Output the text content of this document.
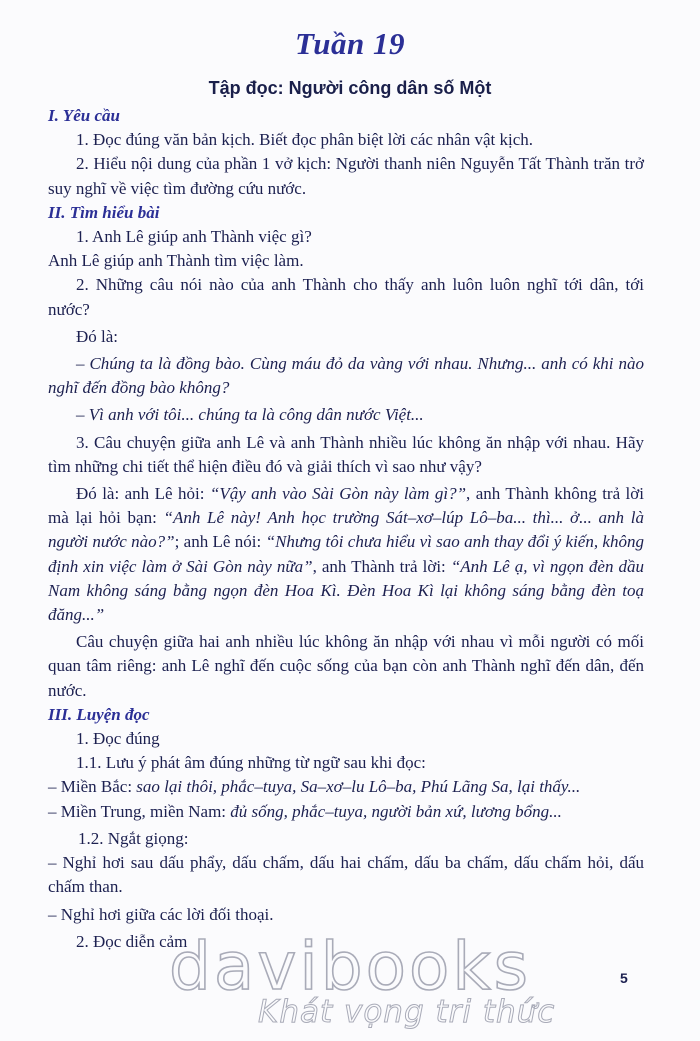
Tuần 19
Tập đọc: Người công dân số Một

I. Yêu cầu

1. Đọc đúng văn bản kịch. Biết đọc phân biệt lời các nhân vật kịch.

2. Hiểu nội dung của phần 1 vở kịch: Người thanh niên Nguyễn Tất Thành trăn trở suy nghĩ về việc tìm đường cứu nước.

II. Tìm hiểu bài

1. Anh Lê giúp anh Thành việc gì?

Anh Lê giúp anh Thành tìm việc làm.

2. Những câu nói nào của anh Thành cho thấy anh luôn luôn nghĩ tới dân, tới nước?

Đó là:

– Chúng ta là đồng bào. Cùng máu đỏ da vàng với nhau. Nhưng... anh có khi nào nghĩ đến đồng bào không?

– Vì anh với tôi... chúng ta là công dân nước Việt...

3. Câu chuyện giữa anh Lê và anh Thành nhiều lúc không ăn nhập với nhau. Hãy tìm những chi tiết thể hiện điều đó và giải thích vì sao như vậy?

Đó là: anh Lê hỏi: “Vậy anh vào Sài Gòn này làm gì?”, anh Thành không trả lời mà lại hỏi bạn: “Anh Lê này! Anh học trường Sát–xơ–lúp Lô–ba... thì... ở... anh là người nước nào?”; anh Lê nói: “Nhưng tôi chưa hiểu vì sao anh thay đổi ý kiến, không định xin việc làm ở Sài Gòn này nữa”, anh Thành trả lời: “Anh Lê ạ, vì ngọn đèn dầu Nam không sáng bằng ngọn đèn Hoa Kì. Đèn Hoa Kì lại không sáng bằng đèn toạ đăng...”

Câu chuyện giữa hai anh nhiều lúc không ăn nhập với nhau vì mỗi người có mối quan tâm riêng: anh Lê nghĩ đến cuộc sống của bạn còn anh Thành nghĩ đến dân, đến nước.

III. Luyện đọc

1. Đọc đúng

1.1. Lưu ý phát âm đúng những từ ngữ sau khi đọc:

– Miền Bắc: sao lại thôi, phắc–tuya, Sa–xơ–lu Lô–ba, Phú Lãng Sa, lại thấy...

– Miền Trung, miền Nam: đủ sống, phắc–tuya, người bản xứ, lương bổng...

1.2. Ngắt giọng:

– Nghỉ hơi sau dấu phẩy, dấu chấm, dấu hai chấm, dấu ba chấm, dấu chấm hỏi, dấu chấm than.

– Nghỉ hơi giữa các lời đối thoại.

2. Đọc diễn cảm

5
davibooks
Khát vọng tri thức
